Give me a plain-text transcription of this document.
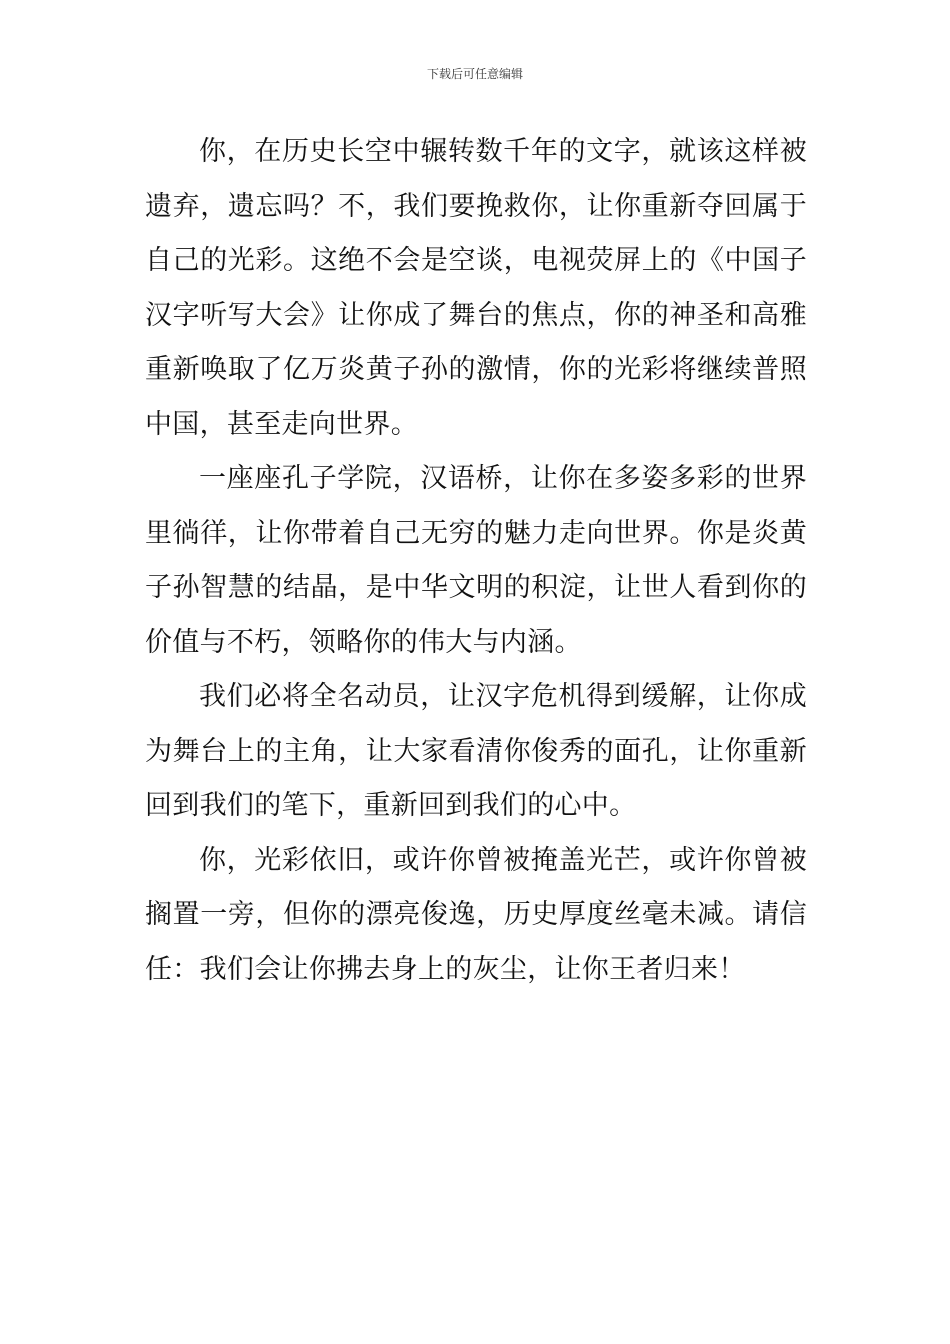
下载后可任意编辑

你，在历史长空中辗转数千年的文字，就该这样被遗弃，遗忘吗？不，我们要挽救你，让你重新夺回属于自己的光彩。这绝不会是空谈，电视荧屏上的《中国子汉字听写大会》让你成了舞台的焦点，你的神圣和高雅重新唤取了亿万炎黄子孙的激情，你的光彩将继续普照中国，甚至走向世界。

一座座孔子学院，汉语桥，让你在多姿多彩的世界里徜徉，让你带着自己无穷的魅力走向世界。你是炎黄子孙智慧的结晶，是中华文明的积淀，让世人看到你的价值与不朽，领略你的伟大与内涵。

我们必将全名动员，让汉字危机得到缓解，让你成为舞台上的主角，让大家看清你俊秀的面孔，让你重新回到我们的笔下，重新回到我们的心中。

你，光彩依旧，或许你曾被掩盖光芒，或许你曾被搁置一旁，但你的漂亮俊逸，历史厚度丝毫未减。请信任：我们会让你拂去身上的灰尘，让你王者归来！
